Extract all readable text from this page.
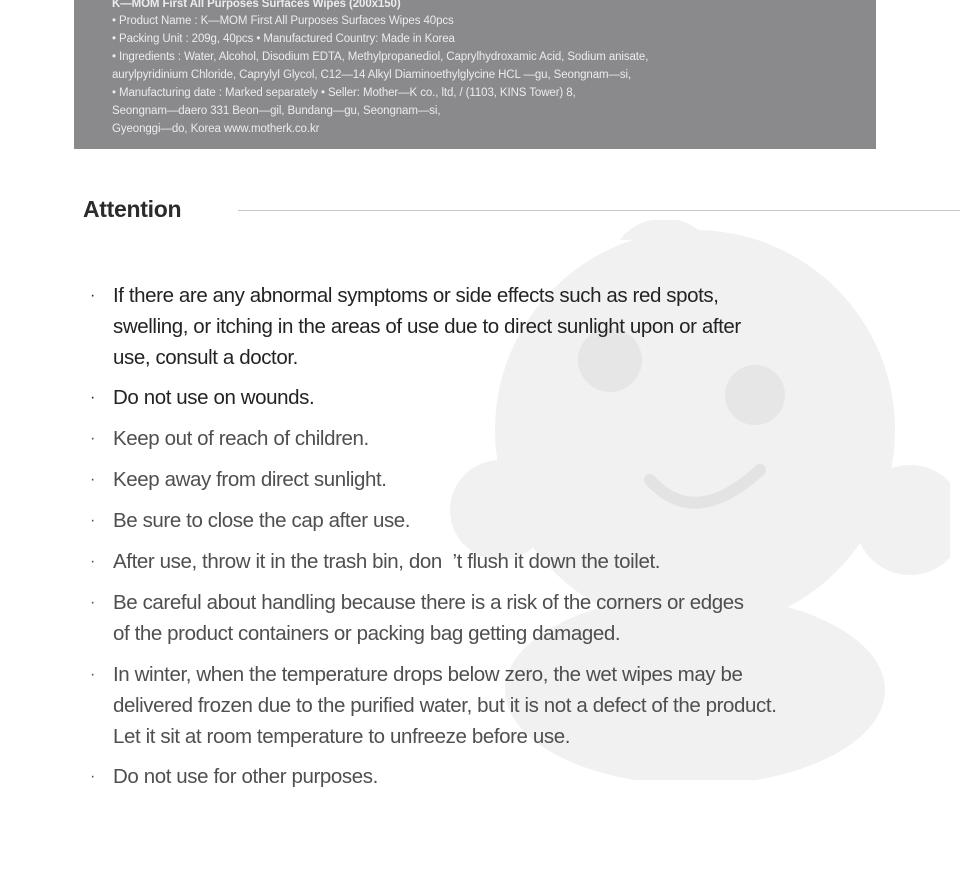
K—MOM First All Purposes Surfaces Wipes (200x150)

• Product Name : K—MOM First All Purposes Surfaces Wipes 40pcs

• Packing Unit : 209g, 40pcs • Manufactured Country: Made in Korea

• Ingredients : Water, Alcohol, Disodium EDTA, Methylpropanediol, Caprylhydroxamic Acid, Sodium anisate,

aurylpyridinium Chloride, Caprylyl Glycol, C12—14 Alkyl Diaminoethylglycine HCL —gu, Seongnam—si,

• Manufacturing date : Marked separately • Seller: Mother—K co., ltd, / (1103, KINS Tower) 8,

Seongnam—daero 331 Beon—gil, Bundang—gu, Seongnam—si,

Gyeonggi—do, Korea www.motherk.co.kr

Attention
· If there are any abnormal symptoms or side effects such as red spots,
swelling, or itching in the areas of use due to direct sunlight upon or after
use, consult a doctor.
· Do not use on wounds.
· Keep out of reach of children.
· Keep away from direct sunlight.
· Be sure to close the cap after use.
· After use, throw it in the trash bin, don  ’t flush it down the toilet.
· Be careful about handling because there is a risk of the corners or edges
of the product containers or packing bag getting damaged.
· In winter, when the temperature drops below zero, the wet wipes may be
delivered frozen due to the purified water, but it is not a defect of the product.
Let it sit at room temperature to unfreeze before use.
· Do not use for other purposes.
